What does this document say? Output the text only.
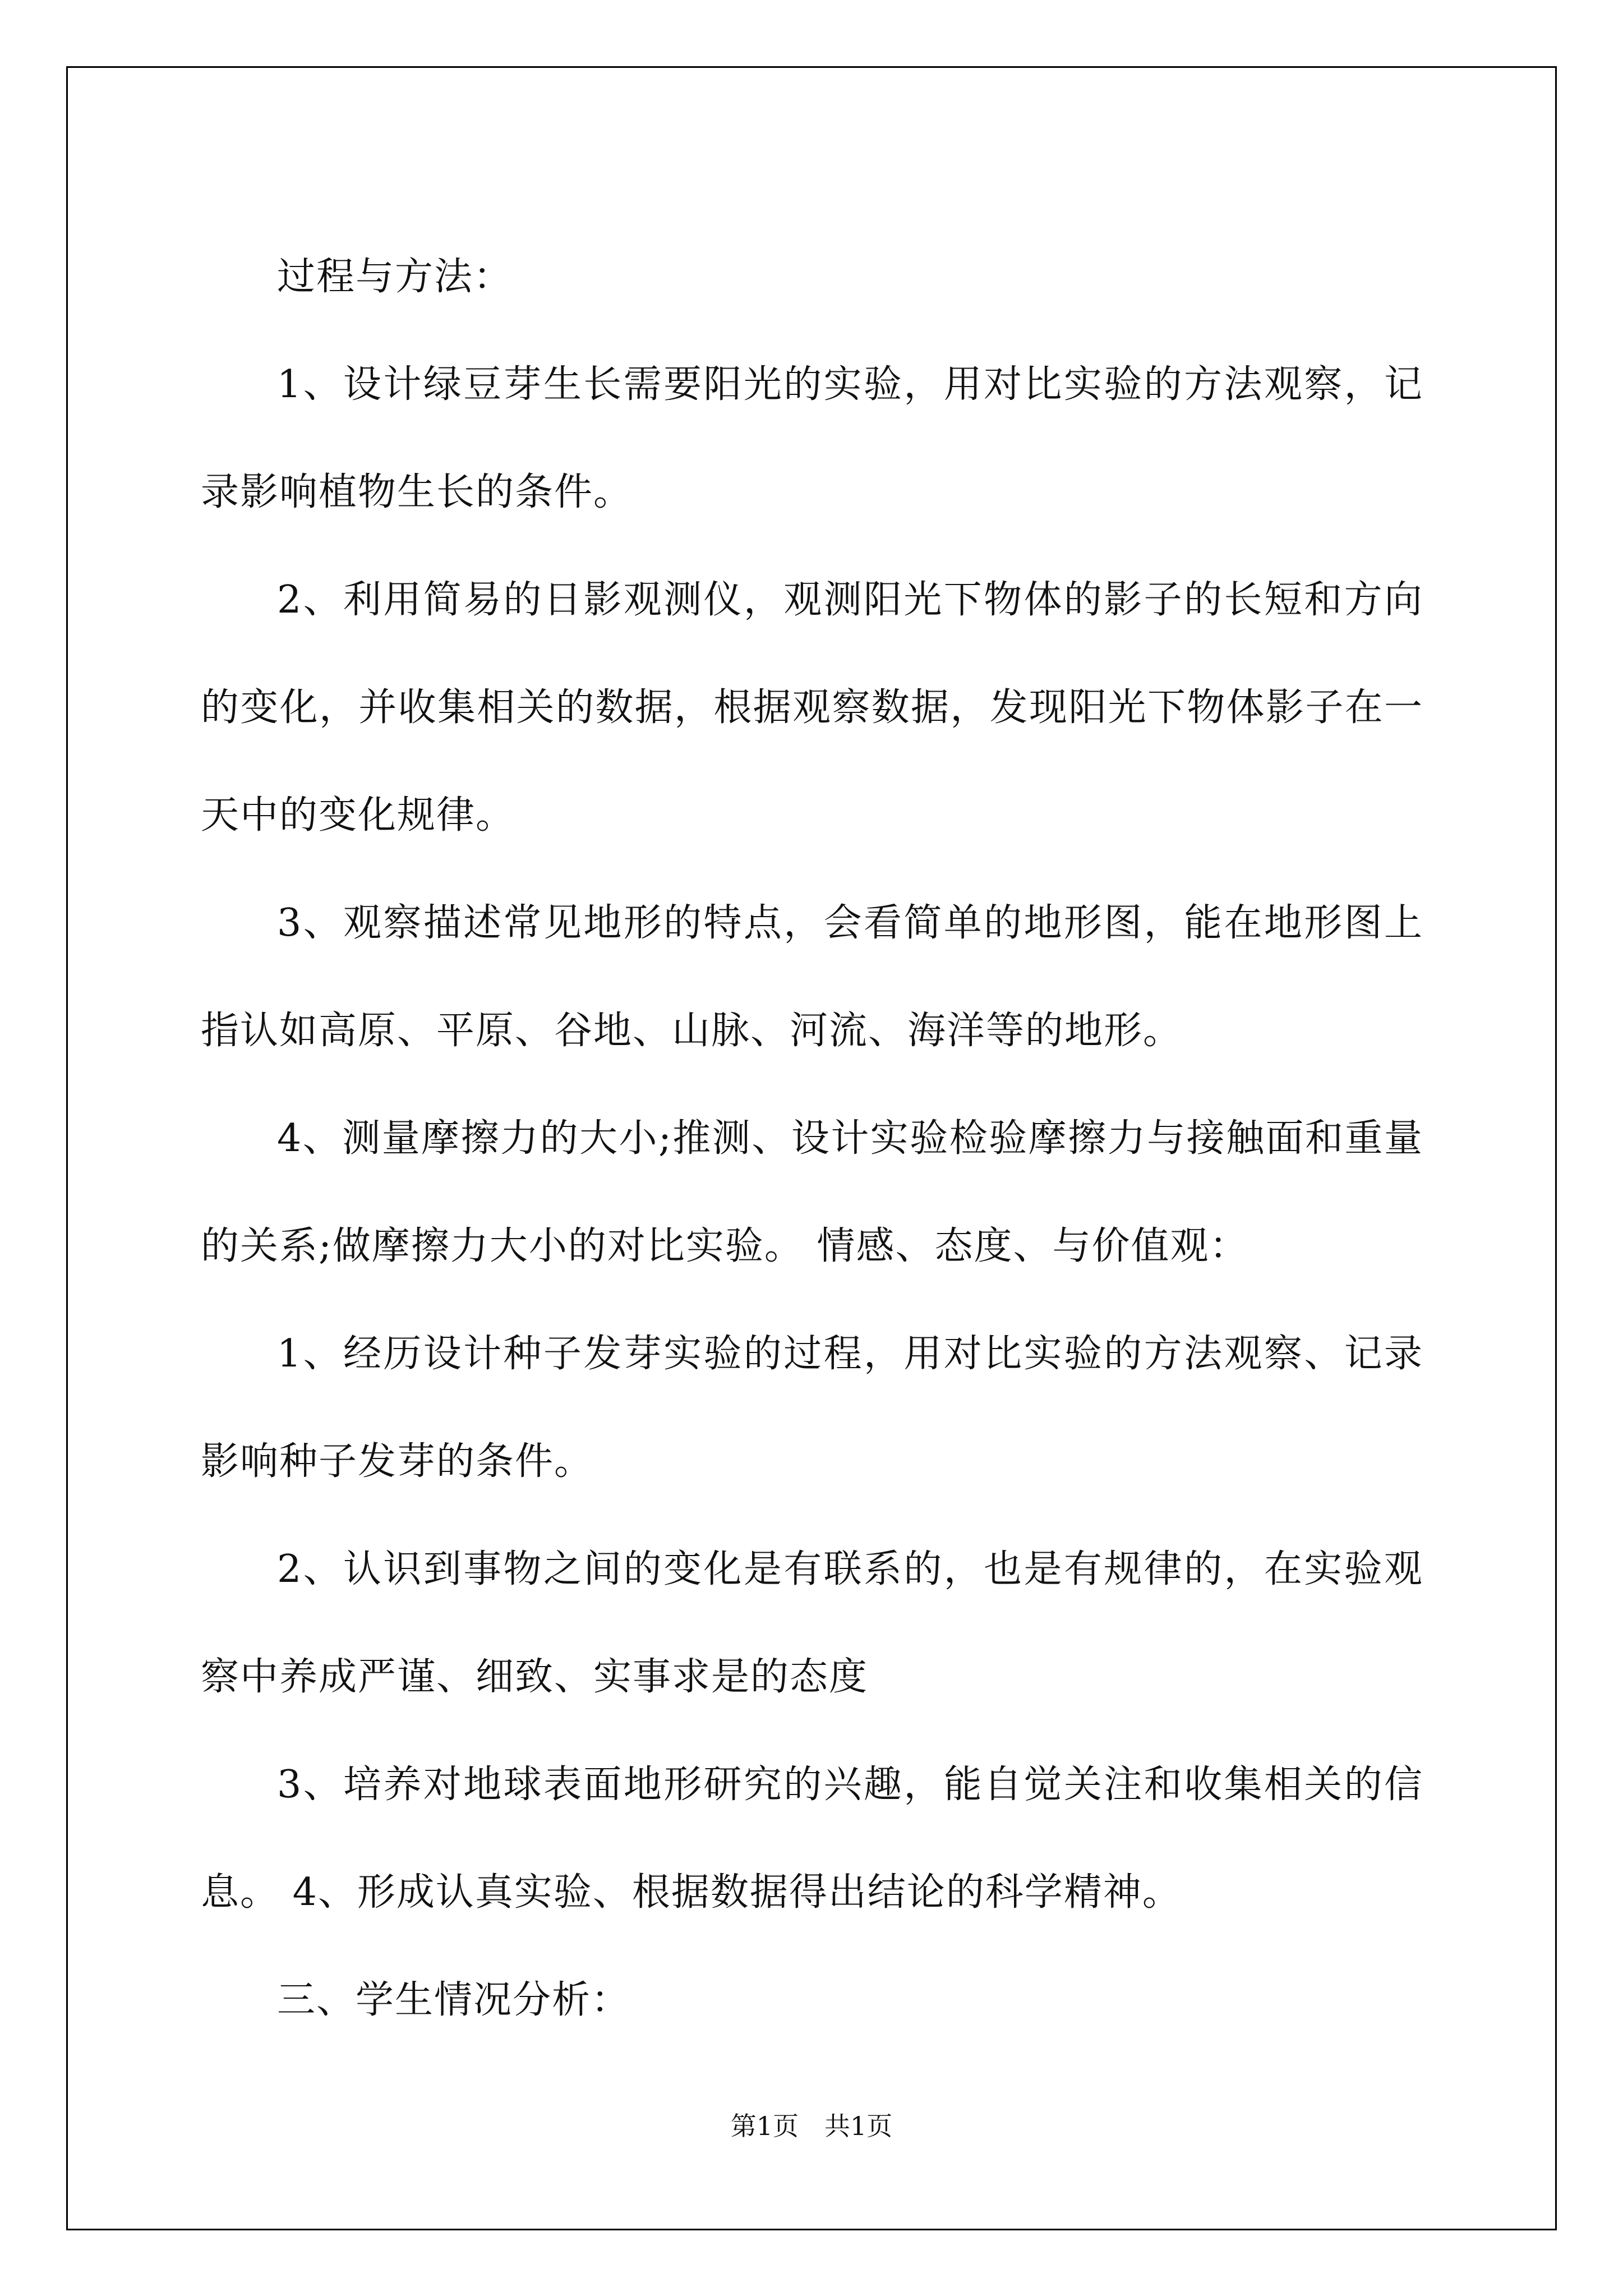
过程与方法：

1、设计绿豆芽生长需要阳光的实验，用对比实验的方法观察，记录影响植物生长的条件。

2、利用简易的日影观测仪，观测阳光下物体的影子的长短和方向的变化，并收集相关的数据，根据观察数据，发现阳光下物体影子在一天中的变化规律。

3、观察描述常见地形的特点，会看简单的地形图，能在地形图上指认如高原、平原、谷地、山脉、河流、海洋等的地形。

4、测量摩擦力的大小;推测、设计实验检验摩擦力与接触面和重量的关系;做摩擦力大小的对比实验。 情感、态度、与价值观：

1、经历设计种子发芽实验的过程，用对比实验的方法观察、记录影响种子发芽的条件。

2、认识到事物之间的变化是有联系的，也是有规律的，在实验观察中养成严谨、细致、实事求是的态度

3、培养对地球表面地形研究的兴趣，能自觉关注和收集相关的信息。 4、形成认真实验、根据数据得出结论的科学精神。

三、学生情况分析：

第1页　共1页
